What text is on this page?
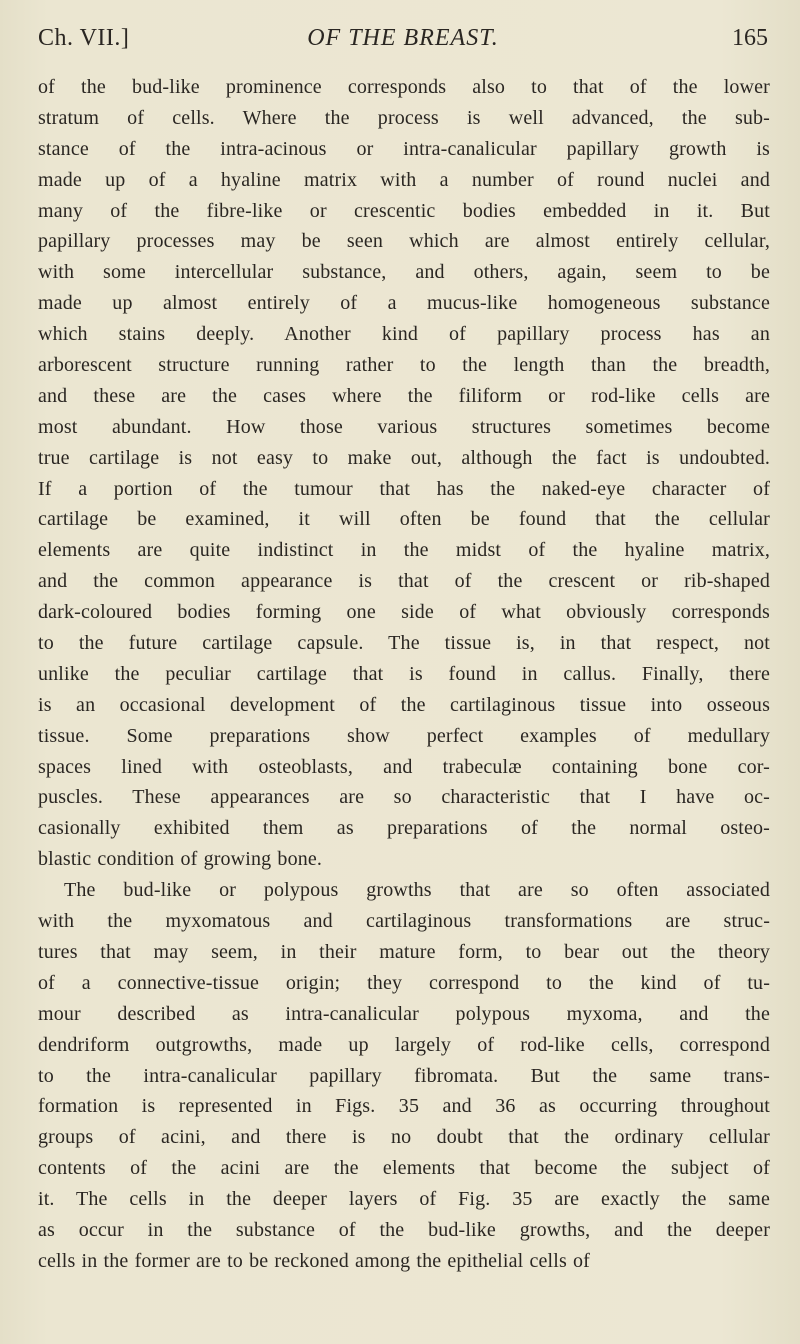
Ch. VII.]	OF THE BREAST.	165
of the bud-like prominence corresponds also to that of the lower
stratum of cells. Where the process is well advanced, the sub-
stance of the intra-acinous or intra-canalicular papillary growth is
made up of a hyaline matrix with a number of round nuclei and
many of the fibre-like or crescentic bodies embedded in it. But
papillary processes may be seen which are almost entirely cellular,
with some intercellular substance, and others, again, seem to be
made up almost entirely of a mucus-like homogeneous substance
which stains deeply. Another kind of papillary process has an
arborescent structure running rather to the length than the breadth,
and these are the cases where the filiform or rod-like cells are
most abundant. How those various structures sometimes become
true cartilage is not easy to make out, although the fact is undoubted.
If a portion of the tumour that has the naked-eye character of
cartilage be examined, it will often be found that the cellular
elements are quite indistinct in the midst of the hyaline matrix,
and the common appearance is that of the crescent or rib-shaped
dark-coloured bodies forming one side of what obviously corresponds
to the future cartilage capsule. The tissue is, in that respect, not
unlike the peculiar cartilage that is found in callus. Finally, there
is an occasional development of the cartilaginous tissue into osseous
tissue. Some preparations show perfect examples of medullary
spaces lined with osteoblasts, and trabeculæ containing bone cor-
puscles. These appearances are so characteristic that I have oc-
casionally exhibited them as preparations of the normal osteo-
blastic condition of growing bone.
The bud-like or polypous growths that are so often associated
with the myxomatous and cartilaginous transformations are struc-
tures that may seem, in their mature form, to bear out the theory
of a connective-tissue origin; they correspond to the kind of tu-
mour described as intra-canalicular polypous myxoma, and the
dendriform outgrowths, made up largely of rod-like cells, correspond
to the intra-canalicular papillary fibromata. But the same trans-
formation is represented in Figs. 35 and 36 as occurring throughout
groups of acini, and there is no doubt that the ordinary cellular
contents of the acini are the elements that become the subject of
it. The cells in the deeper layers of Fig. 35 are exactly the same
as occur in the substance of the bud-like growths, and the deeper
cells in the former are to be reckoned among the epithelial cells of
